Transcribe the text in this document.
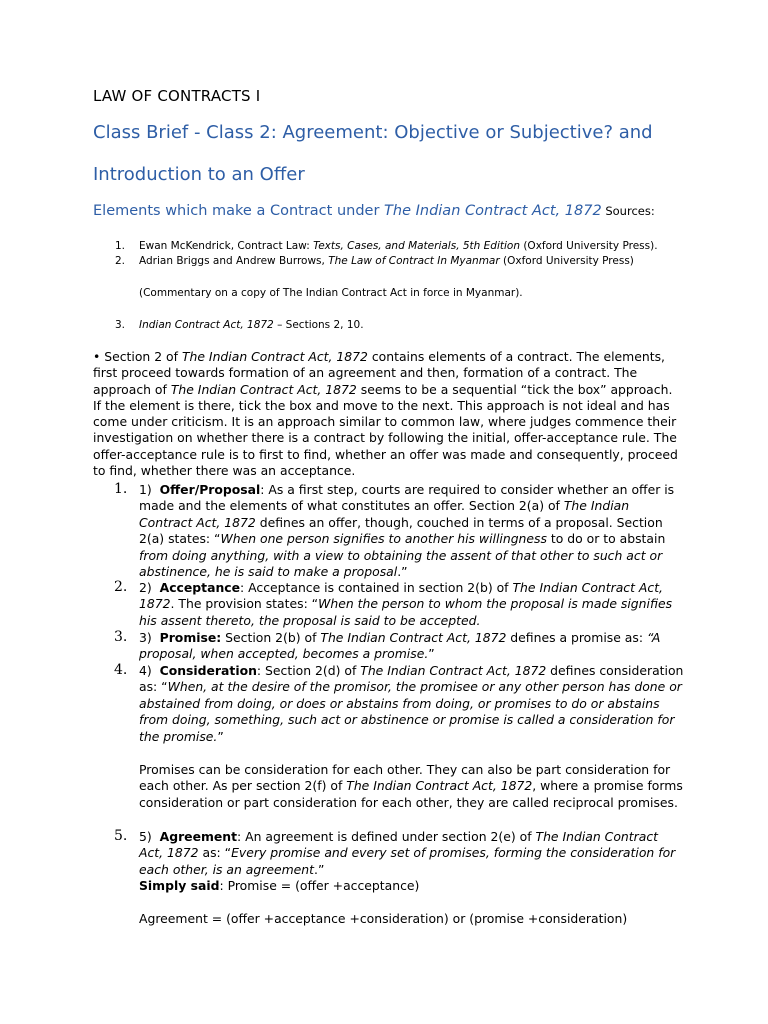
LAW OF CONTRACTS I
Class Brief - Class 2: Agreement: Objective or Subjective? and
Introduction to an Offer
Elements which make a Contract under The Indian Contract Act, 1872 Sources:
1. Ewan McKendrick, Contract Law: Texts, Cases, and Materials, 5th Edition (Oxford University Press).
2. Adrian Briggs and Andrew Burrows, The Law of Contract In Myanmar (Oxford University Press)
(Commentary on a copy of The Indian Contract Act in force in Myanmar).
3. Indian Contract Act, 1872 – Sections 2, 10.
• Section 2 of The Indian Contract Act, 1872 contains elements of a contract. The elements, first proceed towards formation of an agreement and then, formation of a contract. The approach of The Indian Contract Act, 1872 seems to be a sequential “tick the box” approach. If the element is there, tick the box and move to the next. This approach is not ideal and has come under criticism. It is an approach similar to common law, where judges commence their investigation on whether there is a contract by following the initial, offer-acceptance rule. The offer-acceptance rule is to first to find, whether an offer was made and consequently, proceed to find, whether there was an acceptance.
1. 1) Offer/Proposal: As a first step, courts are required to consider whether an offer is made and the elements of what constitutes an offer. Section 2(a) of The Indian Contract Act, 1872 defines an offer, though, couched in terms of a proposal. Section 2(a) states: “When one person signifies to another his willingness to do or to abstain from doing anything, with a view to obtaining the assent of that other to such act or abstinence, he is said to make a proposal.”
2. 2) Acceptance: Acceptance is contained in section 2(b) of The Indian Contract Act, 1872. The provision states: “When the person to whom the proposal is made signifies his assent thereto, the proposal is said to be accepted.
3. 3) Promise: Section 2(b) of The Indian Contract Act, 1872 defines a promise as: “A proposal, when accepted, becomes a promise.”
4. 4) Consideration: Section 2(d) of The Indian Contract Act, 1872 defines consideration as: “When, at the desire of the promisor, the promisee or any other person has done or abstained from doing, or does or abstains from doing, or promises to do or abstains from doing, something, such act or abstinence or promise is called a consideration for the promise.”
Promises can be consideration for each other. They can also be part consideration for each other. As per section 2(f) of The Indian Contract Act, 1872, where a promise forms consideration or part consideration for each other, they are called reciprocal promises.
5. 5) Agreement: An agreement is defined under section 2(e) of The Indian Contract Act, 1872 as: “Every promise and every set of promises, forming the consideration for each other, is an agreement.”
Simply said: Promise = (offer +acceptance)
Agreement = (offer +acceptance +consideration) or (promise +consideration)
